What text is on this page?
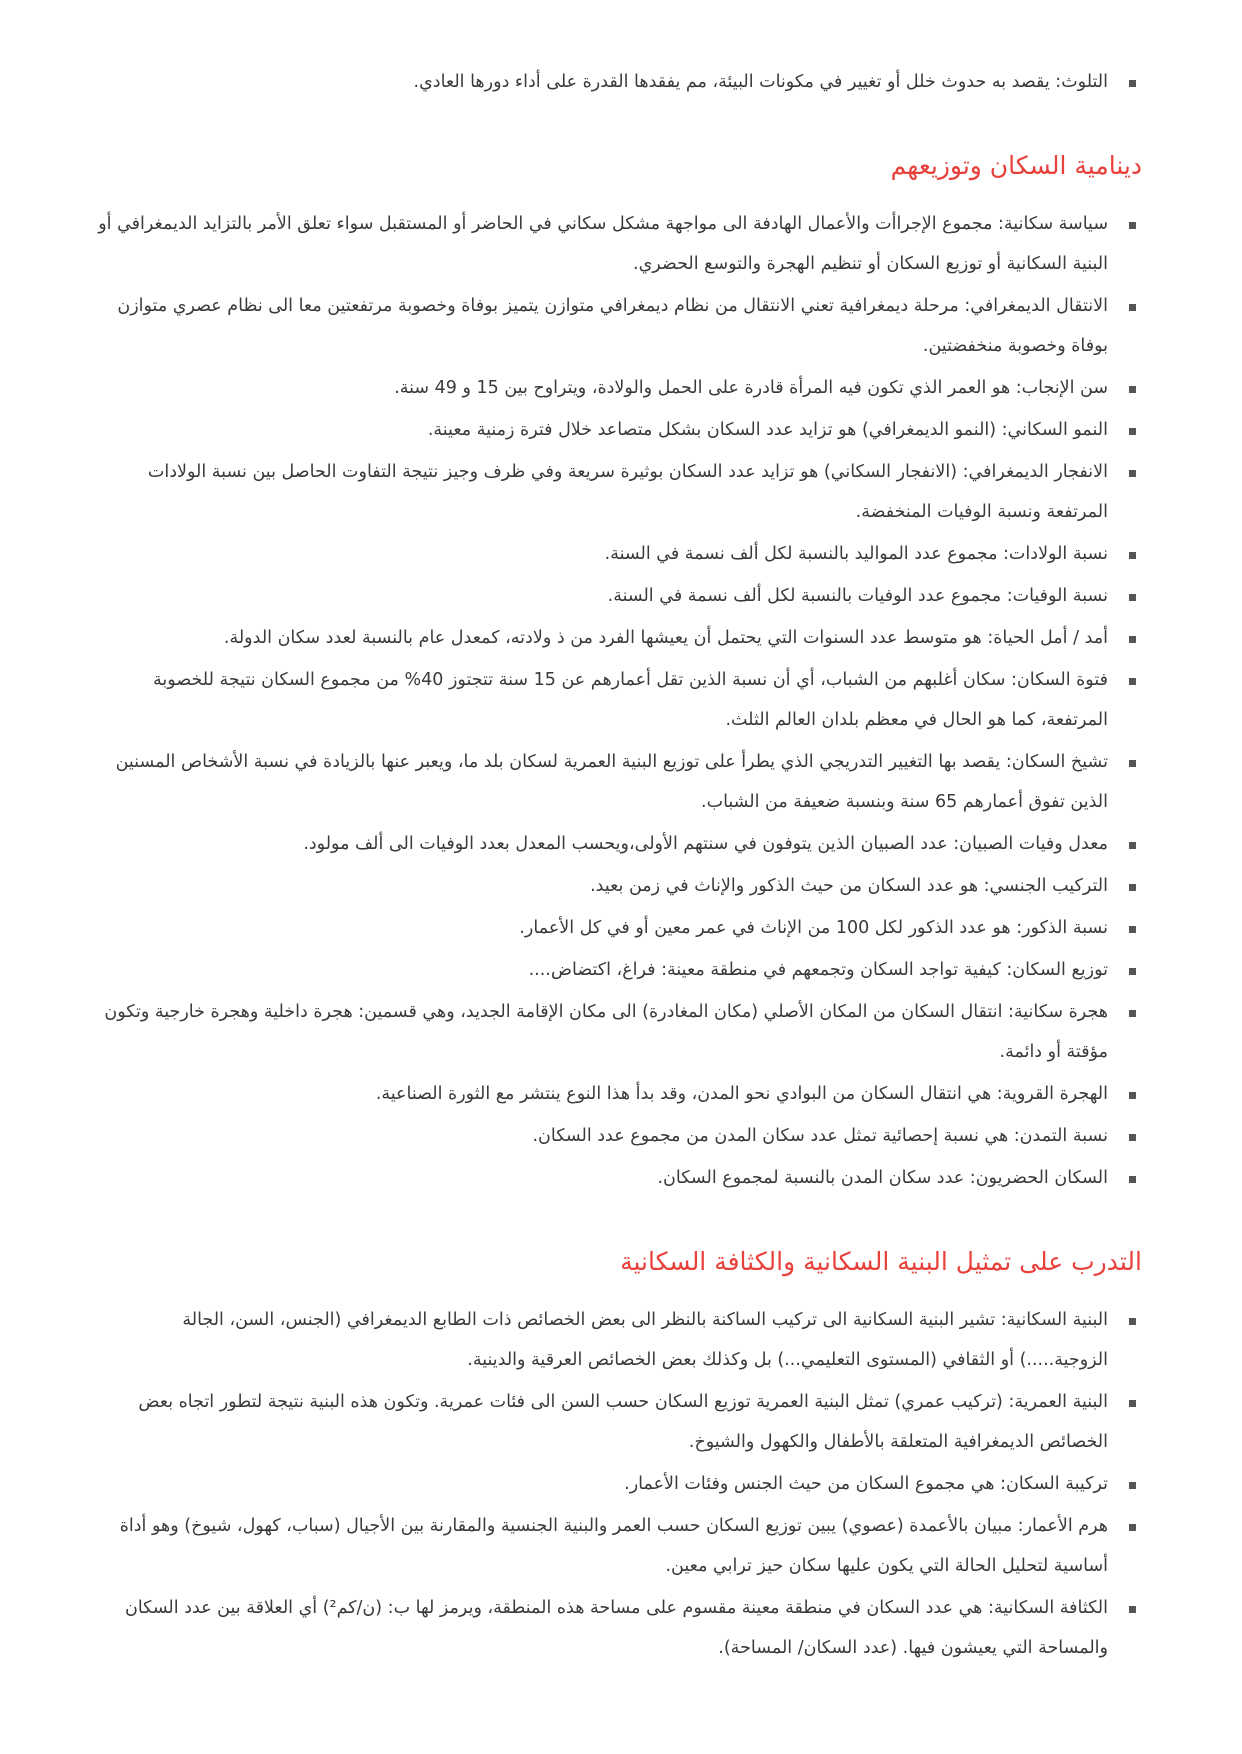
التلوث: يقصد به حدوث خلل أو تغيير في مكونات البيئة، مم يفقدها القدرة على أداء دورها العادي.
دينامية السكان وتوزيعهم
سياسة سكانية: مجموع الإجراأت والأعمال الهادفة الى مواجهة مشكل سكاني في الحاضر أو المستقبل سواء تعلق الأمر بالتزايد الديمغرافي أو البنية السكانية أو توزيع السكان أو تنظيم الهجرة والتوسع الحضري.
الانتقال الديمغرافي: مرحلة ديمغرافية تعني الانتقال من نظام ديمغرافي متوازن يتميز بوفاة وخصوبة مرتفعتين معا الى نظام عصري متوازن بوفاة وخصوبة منخفضتين.
سن الإنجاب: هو العمر الذي تكون فيه المرأة قادرة على الحمل والولادة، ويتراوح بين 15 و 49 سنة.
النمو السكاني: (النمو الديمغرافي) هو تزايد عدد السكان بشكل متصاعد خلال فترة زمنية معينة.
الانفجار الديمغرافي: (الانفجار السكاني) هو تزايد عدد السكان بوثيرة سريعة وفي ظرف وجيز نتيجة التفاوت الحاصل بين نسبة الولادات المرتفعة ونسبة الوفيات المنخفضة.
نسبة الولادات: مجموع عدد المواليد بالنسبة لكل ألف نسمة في السنة.
نسبة الوفيات: مجموع عدد الوفيات بالنسبة لكل ألف نسمة في السنة.
أمد / أمل الحياة: هو متوسط عدد السنوات التي يحتمل أن يعيشها الفرد من ذ ولادته، كمعدل عام بالنسبة لعدد سكان الدولة.
فتوة السكان: سكان أغلبهم من الشباب، أي أن نسبة الذين تقل أعمارهم عن 15 سنة تتجتوز 40% من مجموع السكان نتيجة للخصوبة المرتفعة، كما هو الحال في معظم بلدان العالم الثلث.
تشيخ السكان: يقصد بها التغيير التدريجي الذي يطرأ على توزيع البنية العمرية لسكان بلد ما، ويعبر عنها بالزيادة في نسبة الأشخاص المسنين الذين تفوق أعمارهم 65 سنة وبنسبة ضعيفة من الشباب.
معدل وفيات الصبيان: عدد الصبيان الذين يتوفون في سنتهم الأولى،ويحسب المعدل بعدد الوفيات الى ألف مولود.
التركيب الجنسي: هو عدد السكان من حيث الذكور والإناث في زمن بعيد.
نسبة الذكور: هو عدد الذكور لكل 100 من الإناث في عمر معين أو في كل الأعمار.
توزيع السكان: كيفية تواجد السكان وتجمعهم في منطقة معينة: فراغ، اكتضاض....
هجرة سكانية: انتقال السكان من المكان الأصلي (مكان المغادرة) الى مكان الإقامة الجديد، وهي قسمين: هجرة داخلية وهجرة خارجية وتكون مؤقتة أو دائمة.
الهجرة القروية: هي انتقال السكان من البوادي نحو المدن، وقد بدأ هذا النوع ينتشر مع الثورة الصناعية.
نسبة التمدن: هي نسبة إحصائية تمثل عدد سكان المدن من مجموع عدد السكان.
السكان الحضريون: عدد سكان المدن بالنسبة لمجموع السكان.
التدرب على تمثيل البنية السكانية والكثافة السكانية
البنية السكانية: تشير البنية السكانية الى تركيب الساكنة بالنظر الى بعض الخصائص ذات الطابع الديمغرافي (الجنس، السن، الجالة الزوجية.....) أو الثقافي (المستوى التعليمي...) بل وكذلك بعض الخصائص العرقية والدينية.
البنية العمرية: (تركيب عمري) تمثل البنية العمرية توزيع السكان حسب السن الى فئات عمرية. وتكون هذه البنية نتيجة لتطور اتجاه بعض الخصائص الديمغرافية المتعلقة بالأطفال والكهول والشيوخ.
تركيبة السكان: هي مجموع السكان من حيث الجنس وفئات الأعمار.
هرم الأعمار: مبيان بالأعمدة (عصوي) يبين توزيع السكان حسب العمر والبنية الجنسية والمقارنة بين الأجيال (سباب، كهول، شيوخ) وهو أداة أساسية لتحليل الحالة التي يكون عليها سكان حيز ترابي معين.
الكثافة السكانية: هي عدد السكان في منطقة معينة مقسوم على مساحة هذه المنطقة، ويرمز لها ب: (ن/كم²) أي العلاقة بين عدد السكان والمساحة التي يعيشون فيها. (عدد السكان/ المساحة).
